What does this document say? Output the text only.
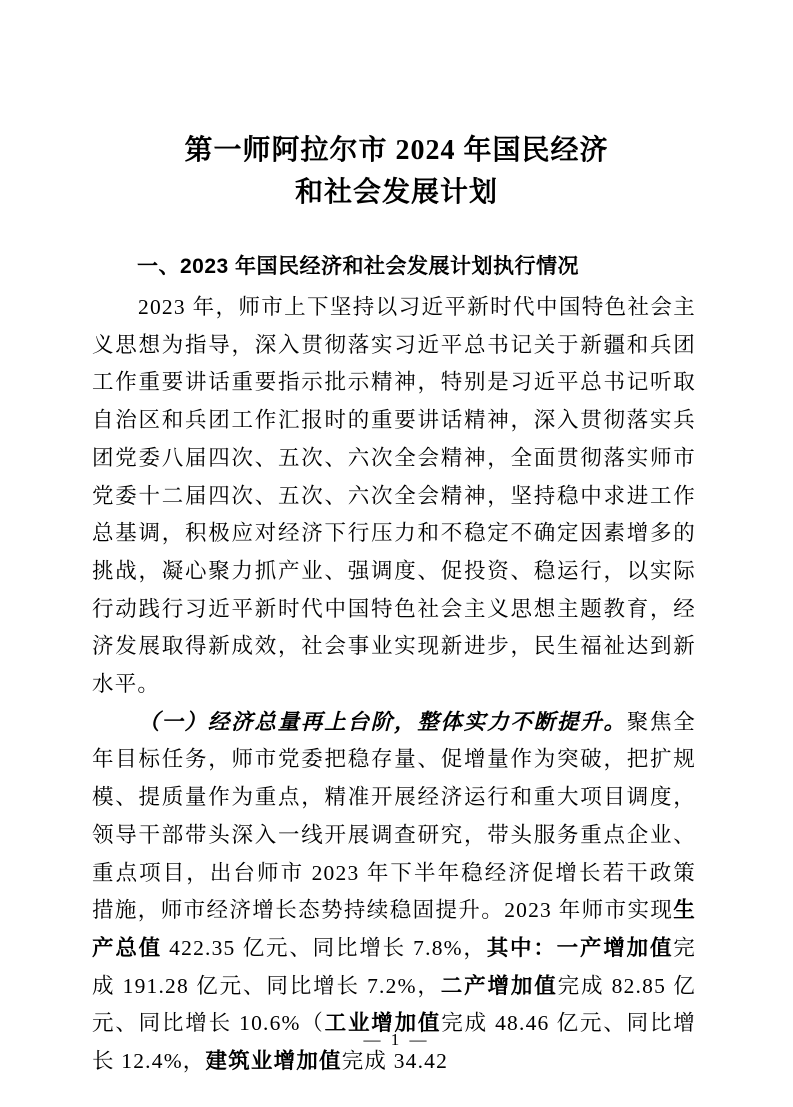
第一师阿拉尔市 2024 年国民经济
和社会发展计划
一、2023 年国民经济和社会发展计划执行情况

2023 年，师市上下坚持以习近平新时代中国特色社会主义思想为指导，深入贯彻落实习近平总书记关于新疆和兵团工作重要讲话重要指示批示精神，特别是习近平总书记听取自治区和兵团工作汇报时的重要讲话精神，深入贯彻落实兵团党委八届四次、五次、六次全会精神，全面贯彻落实师市党委十二届四次、五次、六次全会精神，坚持稳中求进工作总基调，积极应对经济下行压力和不稳定不确定因素增多的挑战，凝心聚力抓产业、强调度、促投资、稳运行，以实际行动践行习近平新时代中国特色社会主义思想主题教育，经济发展取得新成效，社会事业实现新进步，民生福祉达到新水平。

（一）经济总量再上台阶，整体实力不断提升。聚焦全年目标任务，师市党委把稳存量、促增量作为突破，把扩规模、提质量作为重点，精准开展经济运行和重大项目调度，领导干部带头深入一线开展调查研究，带头服务重点企业、重点项目，出台师市 2023 年下半年稳经济促增长若干政策措施，师市经济增长态势持续稳固提升。2023 年师市实现生产总值 422.35 亿元、同比增长 7.8%，其中：一产增加值完成 191.28 亿元、同比增长 7.2%，二产增加值完成 82.85 亿元、同比增长 10.6%（工业增加值完成 48.46 亿元、同比增长 12.4%，建筑业增加值完成 34.42

— 1 —
